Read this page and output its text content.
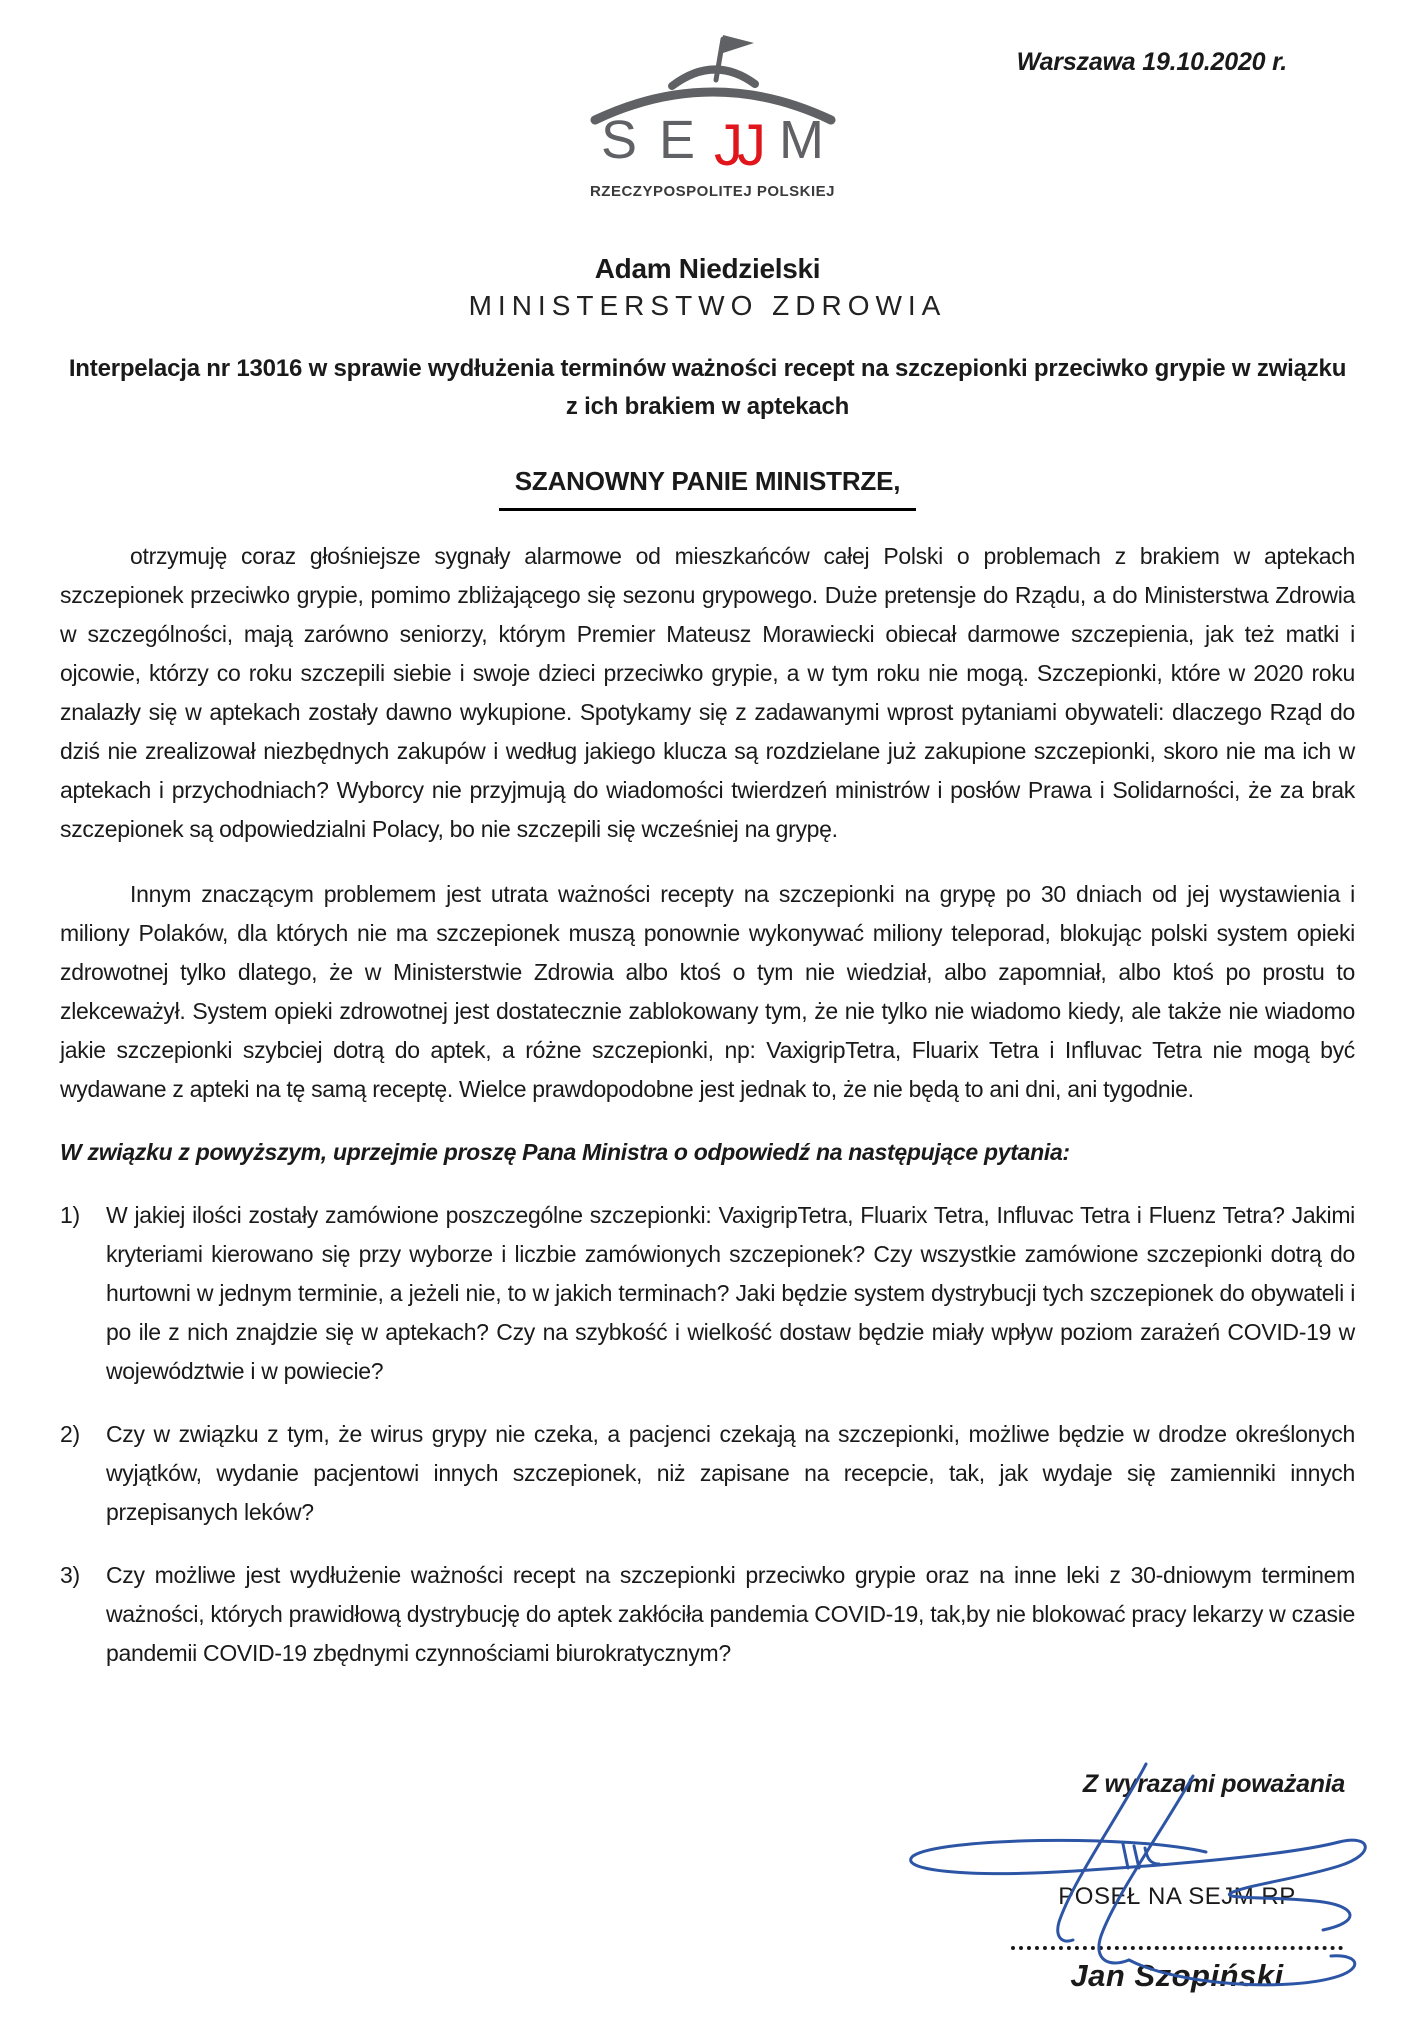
Warszawa 19.10.2020 r.
S E JJ M
RZECZYPOSPOLITEJ POLSKIEJ
Adam Niedzielski
MINISTERSTWO ZDROWIA
Interpelacja nr 13016 w sprawie wydłużenia terminów ważności recept na szczepionki przeciwko grypie w związku z ich brakiem w aptekach
SZANOWNY PANIE MINISTRZE,

otrzymuję coraz głośniejsze sygnały alarmowe od mieszkańców całej Polski o problemach z brakiem w aptekach szczepionek przeciwko grypie, pomimo zbliżającego się sezonu grypowego. Duże pretensje do Rządu, a do Ministerstwa Zdrowia w szczególności, mają zarówno seniorzy, którym Premier Mateusz Morawiecki obiecał darmowe szczepienia, jak też matki i ojcowie, którzy co roku szczepili siebie i swoje dzieci przeciwko grypie, a w tym roku nie mogą. Szczepionki, które w 2020 roku znalazły się w aptekach zostały dawno wykupione. Spotykamy się z zadawanymi wprost pytaniami obywateli: dlaczego Rząd do dziś nie zrealizował niezbędnych zakupów i według jakiego klucza są rozdzielane już zakupione szczepionki, skoro nie ma ich w aptekach i przychodniach? Wyborcy nie przyjmują do wiadomości twierdzeń ministrów i posłów Prawa i Solidarności, że za brak szczepionek są odpowiedzialni Polacy, bo nie szczepili się wcześniej na grypę.

Innym znaczącym problemem jest utrata ważności recepty na szczepionki na grypę po 30 dniach od jej wystawienia i miliony Polaków, dla których nie ma szczepionek muszą ponownie wykonywać miliony teleporad, blokując polski system opieki zdrowotnej tylko dlatego, że w Ministerstwie Zdrowia albo ktoś o tym nie wiedział, albo zapomniał, albo ktoś po prostu to zlekceważył. System opieki zdrowotnej jest dostatecznie zablokowany tym, że nie tylko nie wiadomo kiedy, ale także nie wiadomo jakie szczepionki szybciej dotrą do aptek, a różne szczepionki, np: VaxigripTetra, Fluarix Tetra i Influvac Tetra nie mogą być wydawane z apteki na tę samą receptę. Wielce prawdopodobne jest jednak to, że nie będą to ani dni, ani tygodnie.

W związku z powyższym, uprzejmie proszę Pana Ministra o odpowiedź na następujące pytania:

1) W jakiej ilości zostały zamówione poszczególne szczepionki: VaxigripTetra, Fluarix Tetra, Influvac Tetra i Fluenz Tetra? Jakimi kryteriami kierowano się przy wyborze i liczbie zamówionych szczepionek? Czy wszystkie zamówione szczepionki dotrą do hurtowni w jednym terminie, a jeżeli nie, to w jakich terminach? Jaki będzie system dystrybucji tych szczepionek do obywateli i po ile z nich znajdzie się w aptekach? Czy na szybkość i wielkość dostaw będzie miały wpływ poziom zarażeń COVID-19 w województwie i w powiecie?
2) Czy w związku z tym, że wirus grypy nie czeka, a pacjenci czekają na szczepionki, możliwe będzie w drodze określonych wyjątków, wydanie pacjentowi innych szczepionek, niż zapisane na recepcie, tak, jak wydaje się zamienniki innych przepisanych leków?
3) Czy możliwe jest wydłużenie ważności recept na szczepionki przeciwko grypie oraz na inne leki z 30-dniowym terminem ważności, których prawidłową dystrybucję do aptek zakłóciła pandemia COVID-19, tak,by nie blokować pracy lekarzy w czasie pandemii COVID-19 zbędnymi czynnościami biurokratycznym?
Z wyrazami poważania
POSEŁ NA SEJM RP
Jan Szopiński
